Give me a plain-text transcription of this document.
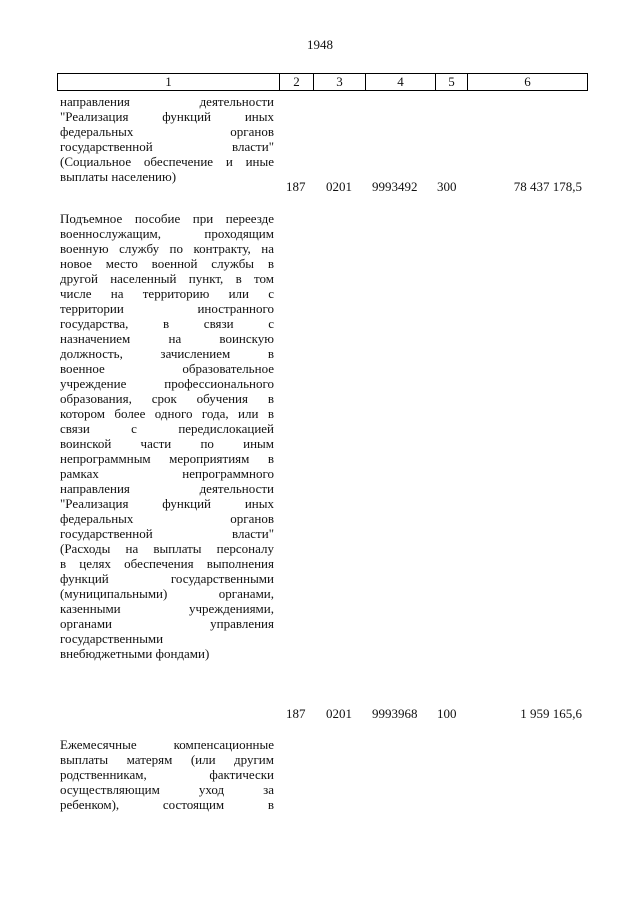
1948
1	2	3	4	5	6
направления деятельности
"Реализация функций иных
федеральных органов
государственной власти"
(Социальное обеспечение и иные
выплаты населению)
187 0201 9993492 300	78 437 178,5
Подъемное пособие при переезде
военнослужащим, проходящим
военную службу по контракту, на
новое место военной службы в
другой населенный пункт, в том
числе на территорию или с
территории иностранного
государства, в связи с
назначением на воинскую
должность, зачислением в
военное образовательное
учреждение профессионального
образования, срок обучения в
котором более одного года, или в
связи с передислокацией
воинской части по иным
непрограммным мероприятиям в
рамках непрограммного
направления деятельности
"Реализация функций иных
федеральных органов
государственной власти"
(Расходы на выплаты персоналу
в целях обеспечения выполнения
функций государственными
(муниципальными) органами,
казенными учреждениями,
органами управления
государственными
внебюджетными фондами)
187 0201 9993968 100	1 959 165,6
Ежемесячные компенсационные
выплаты матерям (или другим
родственникам, фактически
осуществляющим уход за
ребенком), состоящим в
